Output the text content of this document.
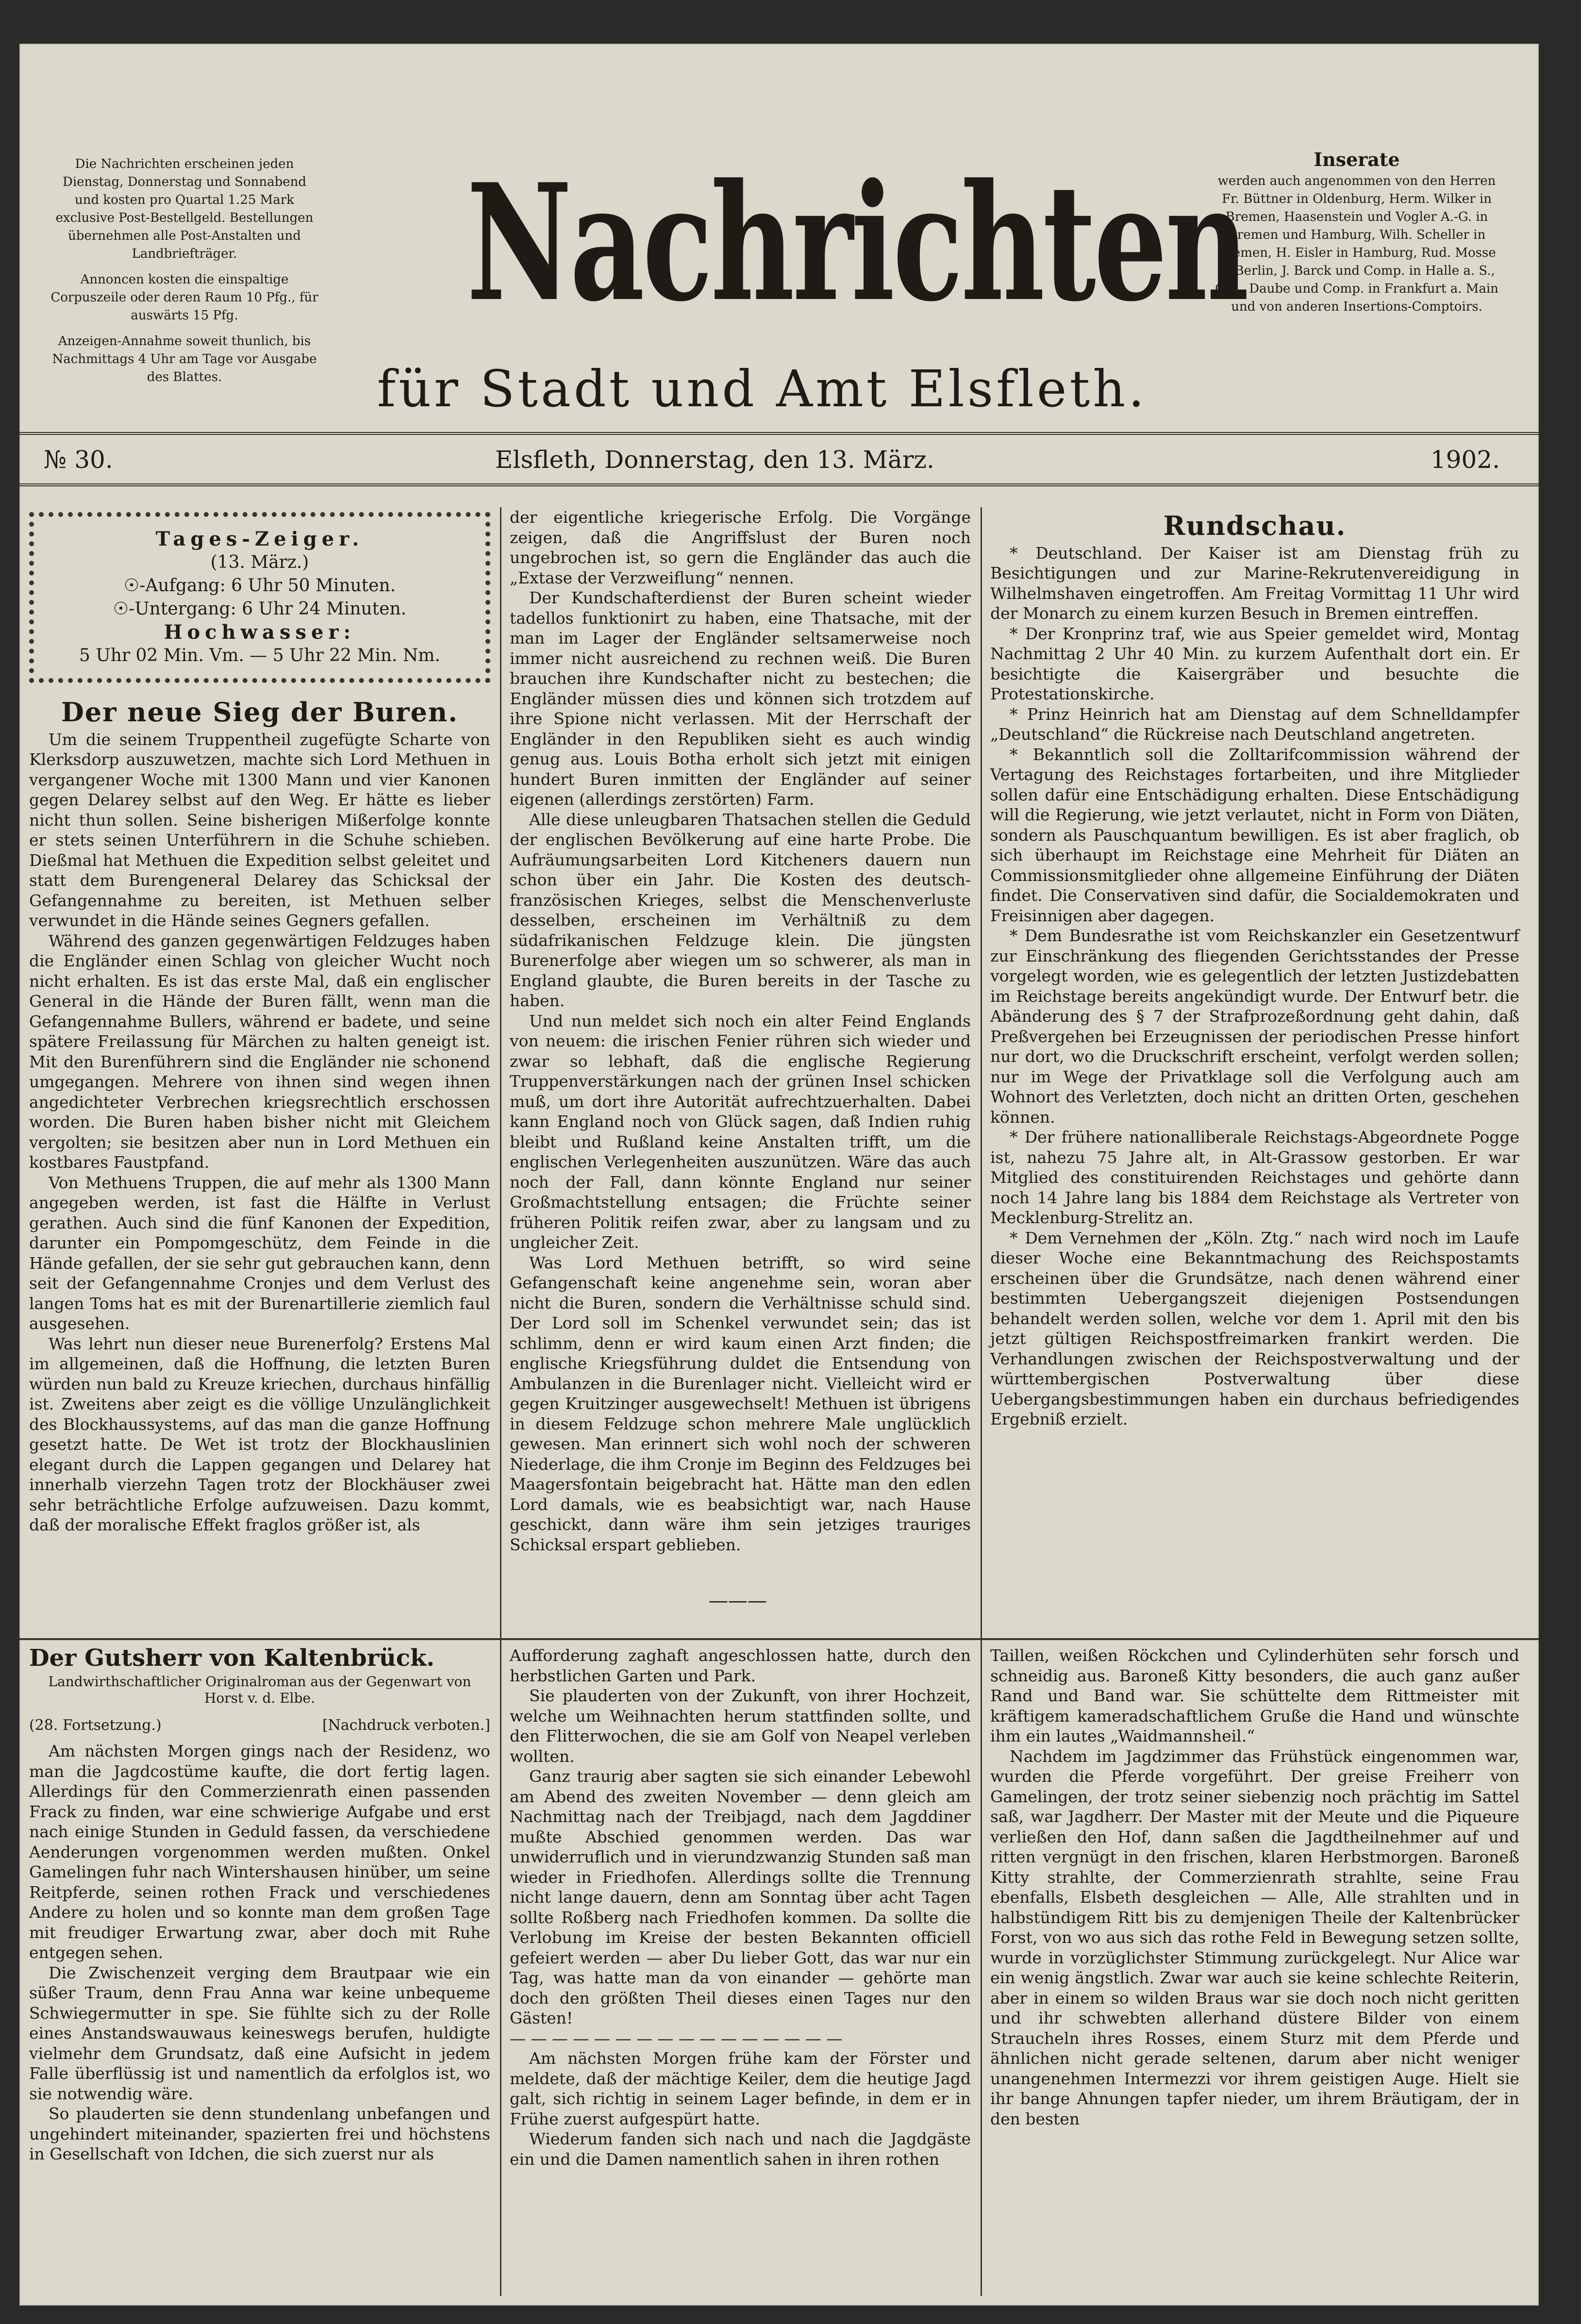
Die Nachrichten erscheinen jeden Dienstag, Donnerstag und Sonnabend und kosten pro Quartal 1.25 Mark exclusive Post-Bestellgeld. Bestellungen übernehmen alle Post-Anstalten und Landbriefträger.

Annoncen kosten die einspaltige Corpuszeile oder deren Raum 10 Pfg., für auswärts 15 Pfg.

Anzeigen-Annahme soweit thunlich, bis Nachmittags 4 Uhr am Tage vor Ausgabe des Blattes.

Nachrichten
für Stadt und Amt Elsfleth.

Inserate

werden auch angenommen von den Herren Fr. Büttner in Oldenburg, Herm. Wilker in Bremen, Haasenstein und Vogler A.-G. in Bremen und Hamburg, Wilh. Scheller in Bremen, H. Eisler in Hamburg, Rud. Mosse in Berlin, J. Barck und Comp. in Halle a. S., G. L. Daube und Comp. in Frankfurt a. Main und von anderen Insertions-Comptoirs.

№ 30.	Elsfleth, Donnerstag, den 13. März.	1902.
Tages-Zeiger.
(13. März.)
☉-Aufgang: 6 Uhr 50 Minuten.
☉-Untergang: 6 Uhr 24 Minuten.
Hochwasser:
5 Uhr 02 Min. Vm. — 5 Uhr 22 Min. Nm.
Der neue Sieg der Buren.

Um die seinem Truppentheil zugefügte Scharte von Klerksdorp auszuwetzen, machte sich Lord Methuen in vergangener Woche mit 1300 Mann und vier Kanonen gegen Delarey selbst auf den Weg. Er hätte es lieber nicht thun sollen. Seine bisherigen Mißerfolge konnte er stets seinen Unterführern in die Schuhe schieben. Dießmal hat Methuen die Expedition selbst geleitet und statt dem Burengeneral Delarey das Schicksal der Gefangennahme zu bereiten, ist Methuen selber verwundet in die Hände seines Gegners gefallen.

Während des ganzen gegenwärtigen Feldzuges haben die Engländer einen Schlag von gleicher Wucht noch nicht erhalten. Es ist das erste Mal, daß ein englischer General in die Hände der Buren fällt, wenn man die Gefangennahme Bullers, während er badete, und seine spätere Freilassung für Märchen zu halten geneigt ist. Mit den Burenführern sind die Engländer nie schonend umgegangen. Mehrere von ihnen sind wegen ihnen angedichteter Verbrechen kriegsrechtlich erschossen worden. Die Buren haben bisher nicht mit Gleichem vergolten; sie besitzen aber nun in Lord Methuen ein kostbares Faustpfand.

Von Methuens Truppen, die auf mehr als 1300 Mann angegeben werden, ist fast die Hälfte in Verlust gerathen. Auch sind die fünf Kanonen der Expedition, darunter ein Pompomgeschütz, dem Feinde in die Hände gefallen, der sie sehr gut gebrauchen kann, denn seit der Gefangennahme Cronjes und dem Verlust des langen Toms hat es mit der Burenartillerie ziemlich faul ausgesehen.

Was lehrt nun dieser neue Burenerfolg? Erstens Mal im allgemeinen, daß die Hoffnung, die letzten Buren würden nun bald zu Kreuze kriechen, durchaus hinfällig ist. Zweitens aber zeigt es die völlige Unzulänglichkeit des Blockhaussystems, auf das man die ganze Hoffnung gesetzt hatte. De Wet ist trotz der Blockhauslinien elegant durch die Lappen gegangen und Delarey hat innerhalb vierzehn Tagen trotz der Blockhäuser zwei sehr beträchtliche Erfolge aufzuweisen. Dazu kommt, daß der moralische Effekt fraglos größer ist, als

der eigentliche kriegerische Erfolg. Die Vorgänge zeigen, daß die Angriffslust der Buren noch ungebrochen ist, so gern die Engländer das auch die „Extase der Verzweiflung“ nennen.

Der Kundschafterdienst der Buren scheint wieder tadellos funktionirt zu haben, eine Thatsache, mit der man im Lager der Engländer seltsamerweise noch immer nicht ausreichend zu rechnen weiß. Die Buren brauchen ihre Kundschafter nicht zu bestechen; die Engländer müssen dies und können sich trotzdem auf ihre Spione nicht verlassen. Mit der Herrschaft der Engländer in den Republiken sieht es auch windig genug aus. Louis Botha erholt sich jetzt mit einigen hundert Buren inmitten der Engländer auf seiner eigenen (allerdings zerstörten) Farm.

Alle diese unleugbaren Thatsachen stellen die Geduld der englischen Bevölkerung auf eine harte Probe. Die Aufräumungsarbeiten Lord Kitcheners dauern nun schon über ein Jahr. Die Kosten des deutsch-französischen Krieges, selbst die Menschenverluste desselben, erscheinen im Verhältniß zu dem südafrikanischen Feldzuge klein. Die jüngsten Burenerfolge aber wiegen um so schwerer, als man in England glaubte, die Buren bereits in der Tasche zu haben.

Und nun meldet sich noch ein alter Feind Englands von neuem: die irischen Fenier rühren sich wieder und zwar so lebhaft, daß die englische Regierung Truppenverstärkungen nach der grünen Insel schicken muß, um dort ihre Autorität aufrechtzuerhalten. Dabei kann England noch von Glück sagen, daß Indien ruhig bleibt und Rußland keine Anstalten trifft, um die englischen Verlegenheiten auszunützen. Wäre das auch noch der Fall, dann könnte England nur seiner Großmachtstellung entsagen; die Früchte seiner früheren Politik reifen zwar, aber zu langsam und zu ungleicher Zeit.

Was Lord Methuen betrifft, so wird seine Gefangenschaft keine angenehme sein, woran aber nicht die Buren, sondern die Verhältnisse schuld sind. Der Lord soll im Schenkel verwundet sein; das ist schlimm, denn er wird kaum einen Arzt finden; die englische Kriegsführung duldet die Entsendung von Ambulanzen in die Burenlager nicht. Vielleicht wird er gegen Kruitzinger ausgewechselt! Methuen ist übrigens in diesem Feldzuge schon mehrere Male unglücklich gewesen. Man erinnert sich wohl noch der schweren Niederlage, die ihm Cronje im Beginn des Feldzuges bei Maagersfontain beigebracht hat. Hätte man den edlen Lord damals, wie es beabsichtigt war, nach Hause geschickt, dann wäre ihm sein jetziges trauriges Schicksal erspart geblieben.

———
Rundschau.

* Deutschland. Der Kaiser ist am Dienstag früh zu Besichtigungen und zur Marine-Rekrutenvereidigung in Wilhelmshaven eingetroffen. Am Freitag Vormittag 11 Uhr wird der Monarch zu einem kurzen Besuch in Bremen eintreffen.

* Der Kronprinz traf, wie aus Speier gemeldet wird, Montag Nachmittag 2 Uhr 40 Min. zu kurzem Aufenthalt dort ein. Er besichtigte die Kaisergräber und besuchte die Protestationskirche.

* Prinz Heinrich hat am Dienstag auf dem Schnelldampfer „Deutschland“ die Rückreise nach Deutschland angetreten.

* Bekanntlich soll die Zolltarifcommission während der Vertagung des Reichstages fortarbeiten, und ihre Mitglieder sollen dafür eine Entschädigung erhalten. Diese Entschädigung will die Regierung, wie jetzt verlautet, nicht in Form von Diäten, sondern als Pauschquantum bewilligen. Es ist aber fraglich, ob sich überhaupt im Reichstage eine Mehrheit für Diäten an Commissionsmitglieder ohne allgemeine Einführung der Diäten findet. Die Conservativen sind dafür, die Socialdemokraten und Freisinnigen aber dagegen.

* Dem Bundesrathe ist vom Reichskanzler ein Gesetzentwurf zur Einschränkung des fliegenden Gerichtsstandes der Presse vorgelegt worden, wie es gelegentlich der letzten Justizdebatten im Reichstage bereits angekündigt wurde. Der Entwurf betr. die Abänderung des § 7 der Strafprozeßordnung geht dahin, daß Preßvergehen bei Erzeugnissen der periodischen Presse hinfort nur dort, wo die Druckschrift erscheint, verfolgt werden sollen; nur im Wege der Privatklage soll die Verfolgung auch am Wohnort des Verletzten, doch nicht an dritten Orten, geschehen können.

* Der frühere nationalliberale Reichstags-Abgeordnete Pogge ist, nahezu 75 Jahre alt, in Alt-Grassow gestorben. Er war Mitglied des constituirenden Reichstages und gehörte dann noch 14 Jahre lang bis 1884 dem Reichstage als Vertreter von Mecklenburg-Strelitz an.

* Dem Vernehmen der „Köln. Ztg.“ nach wird noch im Laufe dieser Woche eine Bekanntmachung des Reichspostamts erscheinen über die Grundsätze, nach denen während einer bestimmten Uebergangszeit diejenigen Postsendungen behandelt werden sollen, welche vor dem 1. April mit den bis jetzt gültigen Reichspostfreimarken frankirt werden. Die Verhandlungen zwischen der Reichspostverwaltung und der württembergischen Postverwaltung über diese Uebergangsbestimmungen haben ein durchaus befriedigendes Ergebniß erzielt.

Der Gutsherr von Kaltenbrück.
Landwirthschaftlicher Originalroman aus der Gegenwart von Horst v. d. Elbe.
(28. Fortsetzung.)	[Nachdruck verboten.]

Am nächsten Morgen gings nach der Residenz, wo man die Jagdcostüme kaufte, die dort fertig lagen. Allerdings für den Commerzienrath einen passenden Frack zu finden, war eine schwierige Aufgabe und erst nach einige Stunden in Geduld fassen, da verschiedene Aenderungen vorgenommen werden mußten. Onkel Gamelingen fuhr nach Wintershausen hinüber, um seine Reitpferde, seinen rothen Frack und verschiedenes Andere zu holen und so konnte man dem großen Tage mit freudiger Erwartung zwar, aber doch mit Ruhe entgegen sehen.

Die Zwischenzeit verging dem Brautpaar wie ein süßer Traum, denn Frau Anna war keine unbequeme Schwiegermutter in spe. Sie fühlte sich zu der Rolle eines Anstandswauwaus keineswegs berufen, huldigte vielmehr dem Grundsatz, daß eine Aufsicht in jedem Falle überflüssig ist und namentlich da erfolglos ist, wo sie notwendig wäre.

So plauderten sie denn stundenlang unbefangen und ungehindert miteinander, spazierten frei und höchstens in Gesellschaft von Idchen, die sich zuerst nur als

Aufforderung zaghaft angeschlossen hatte, durch den herbstlichen Garten und Park.

Sie plauderten von der Zukunft, von ihrer Hochzeit, welche um Weihnachten herum stattfinden sollte, und den Flitterwochen, die sie am Golf von Neapel verleben wollten.

Ganz traurig aber sagten sie sich einander Lebewohl am Abend des zweiten November — denn gleich am Nachmittag nach der Treibjagd, nach dem Jagddiner mußte Abschied genommen werden. Das war unwiderruflich und in vierundzwanzig Stunden saß man wieder in Friedhofen. Allerdings sollte die Trennung nicht lange dauern, denn am Sonntag über acht Tagen sollte Roßberg nach Friedhofen kommen. Da sollte die Verlobung im Kreise der besten Bekannten officiell gefeiert werden — aber Du lieber Gott, das war nur ein Tag, was hatte man da von einander — gehörte man doch den größten Theil dieses einen Tages nur den Gästen!

— — — — — — — — — — — — — — — —

Am nächsten Morgen frühe kam der Förster und meldete, daß der mächtige Keiler, dem die heutige Jagd galt, sich richtig in seinem Lager befinde, in dem er in Frühe zuerst aufgespürt hatte.

Wiederum fanden sich nach und nach die Jagdgäste ein und die Damen namentlich sahen in ihren rothen

Taillen, weißen Röckchen und Cylinderhüten sehr forsch und schneidig aus. Baroneß Kitty besonders, die auch ganz außer Rand und Band war. Sie schüttelte dem Rittmeister mit kräftigem kameradschaftlichem Gruße die Hand und wünschte ihm ein lautes „Waidmannsheil.“

Nachdem im Jagdzimmer das Frühstück eingenommen war, wurden die Pferde vorgeführt. Der greise Freiherr von Gamelingen, der trotz seiner siebenzig noch prächtig im Sattel saß, war Jagdherr. Der Master mit der Meute und die Piqueure verließen den Hof, dann saßen die Jagdtheilnehmer auf und ritten vergnügt in den frischen, klaren Herbstmorgen. Baroneß Kitty strahlte, der Commerzienrath strahlte, seine Frau ebenfalls, Elsbeth desgleichen — Alle, Alle strahlten und in halbstündigem Ritt bis zu demjenigen Theile der Kaltenbrücker Forst, von wo aus sich das rothe Feld in Bewegung setzen sollte, wurde in vorzüglichster Stimmung zurückgelegt. Nur Alice war ein wenig ängstlich. Zwar war auch sie keine schlechte Reiterin, aber in einem so wilden Braus war sie doch noch nicht geritten und ihr schwebten allerhand düstere Bilder von einem Straucheln ihres Rosses, einem Sturz mit dem Pferde und ähnlichen nicht gerade seltenen, darum aber nicht weniger unangenehmen Intermezzi vor ihrem geistigen Auge. Hielt sie ihr bange Ahnungen tapfer nieder, um ihrem Bräutigam, der in den besten
